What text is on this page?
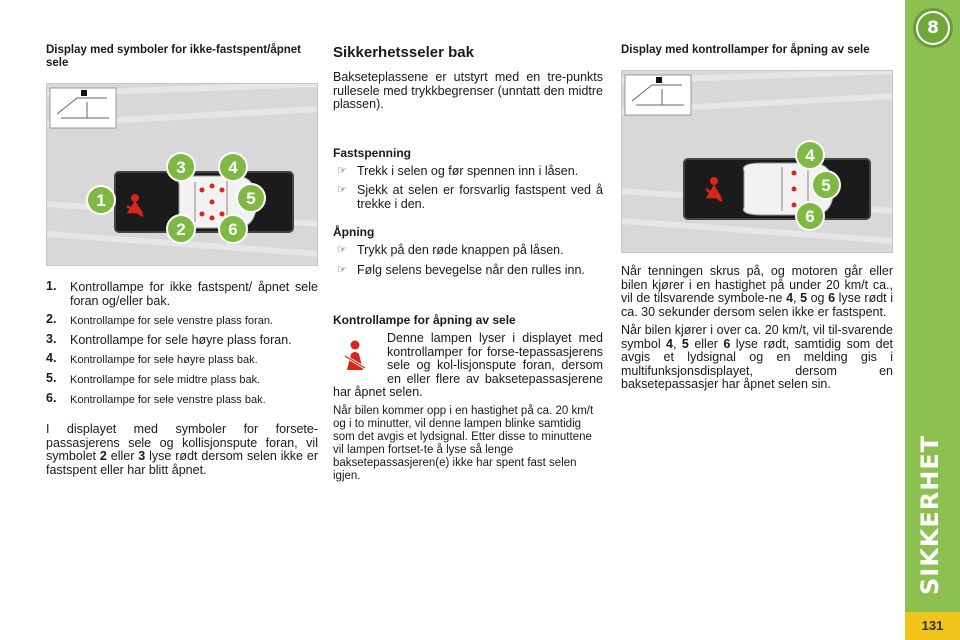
8
SIKKERHET
131
Display med symboler for ikke-fastspent/åpnet sele
1
2
3	4
5
6
1. Kontrollampe for ikke fastspent/ åpnet sele foran og/eller bak.
2. Kontrollampe for sele venstre plass foran.
3. Kontrollampe for sele høyre plass foran.
4. Kontrollampe for sele høyre plass bak.
5. Kontrollampe for sele midtre plass bak.
6. Kontrollampe for sele venstre plass bak.

I displayet med symboler for forsete-passasjerens sele og kollisjonspute foran, vil symbolet 2 eller 3 lyse rødt dersom selen ikke er fastspent eller har blitt åpnet.

Sikkerhetsseler bak

Bakseteplassene er utstyrt med en tre-punkts rullesele med trykkbegrenser (unntatt den midtre plassen).

Fastspenning
☞ Trekk i selen og før spennen inn i låsen.
☞ Sjekk at selen er forsvarlig fastspent ved å trekke i den.
Åpning
☞ Trykk på den røde knappen på låsen.
☞ Følg selens bevegelse når den rulles inn.
Kontrollampe for åpning av sele

Denne lampen lyser i displayet med kontrollamper for forse-tepassasjerens sele og kol-lisjonspute foran, dersom en eller flere av baksetepassasjerene har åpnet selen.

Når bilen kommer opp i en hastighet på ca. 20 km/t og i to minutter, vil denne lampen blinke samtidig som det avgis et lydsignal. Etter disse to minuttene vil lampen fortset-te å lyse så lenge baksetepassasjeren(e) ikke har spent fast selen igjen.

Display med kontrollamper for åpning av sele
4
5
6

Når tenningen skrus på, og motoren går eller bilen kjører i en hastighet på under 20 km/t ca., vil de tilsvarende symbole-ne 4, 5 og 6 lyse rødt i ca. 30 sekunder dersom selen ikke er fastspent.

Når bilen kjører i over ca. 20 km/t, vil til-svarende symbol 4, 5 eller 6 lyse rødt, samtidig som det avgis et lydsignal og en melding gis i multifunksjonsdisplayet, dersom en baksetepassasjer har åpnet selen sin.
